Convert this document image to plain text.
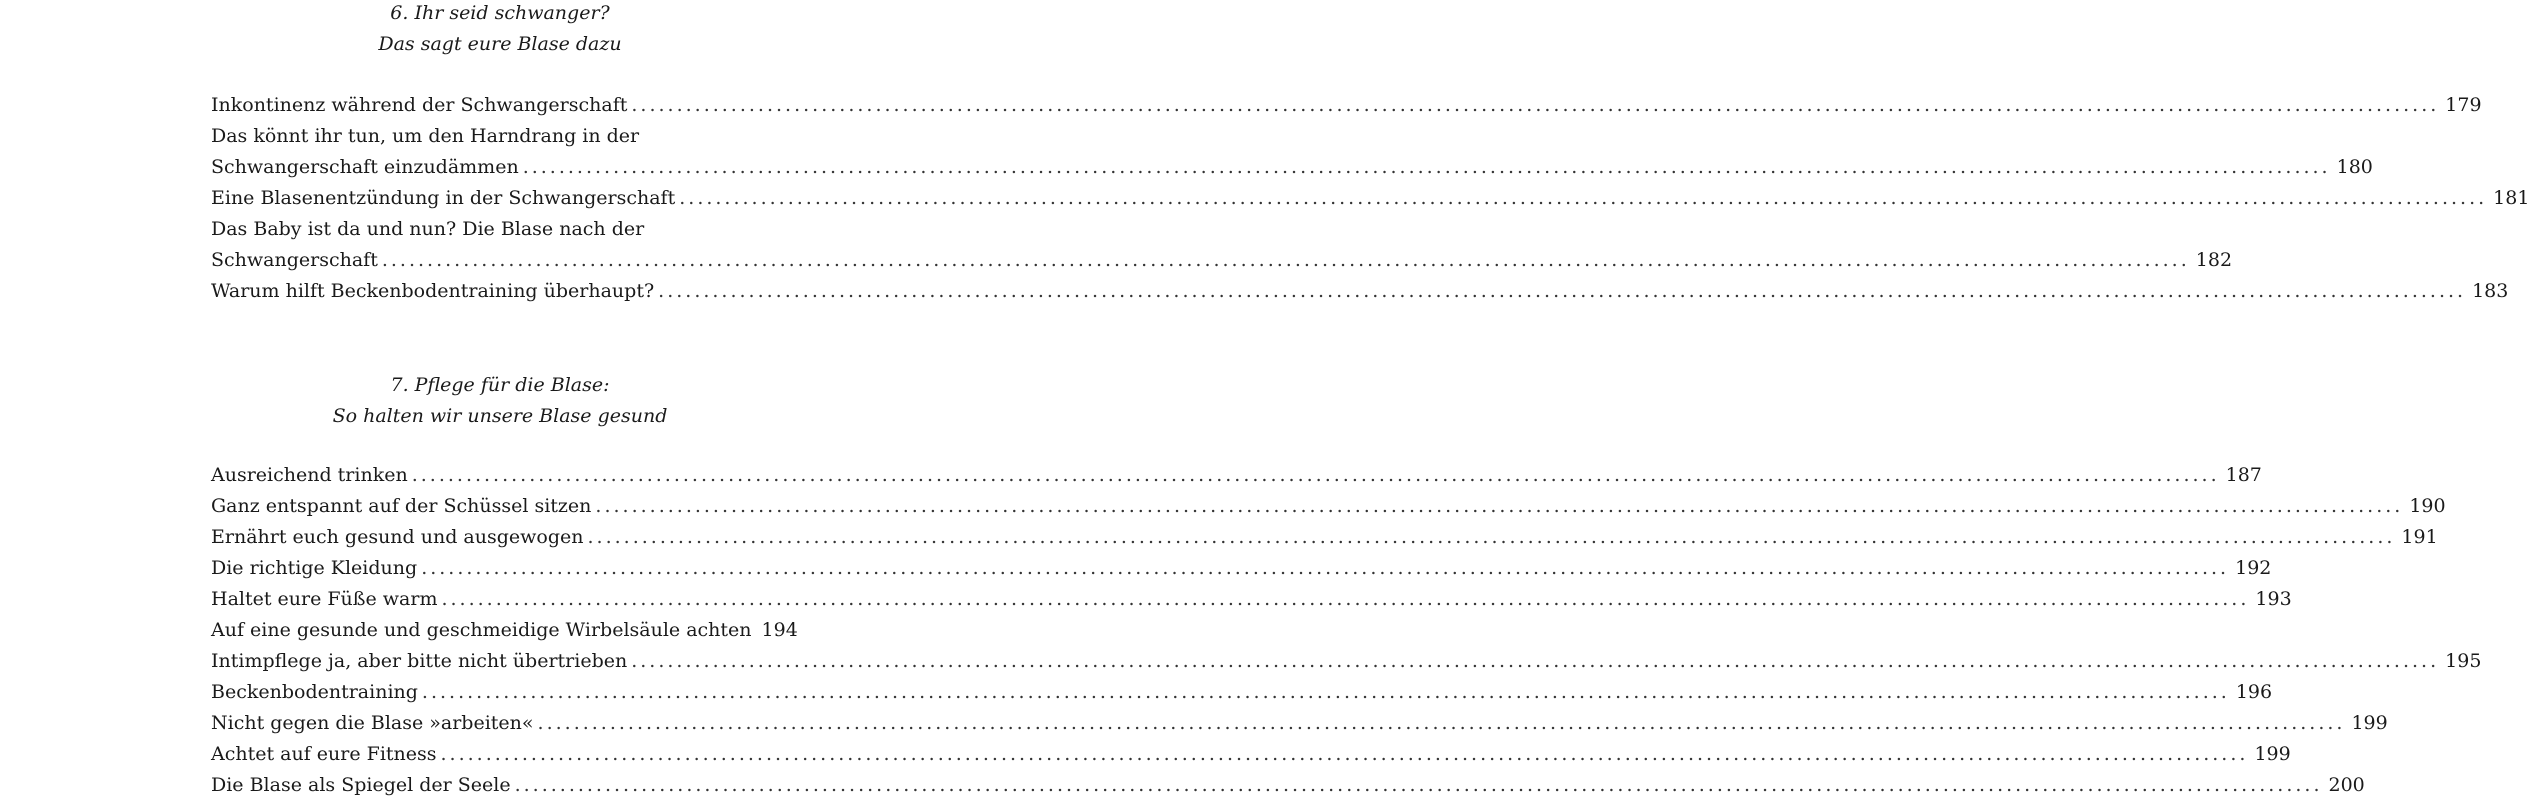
6. Ihr seid schwanger?
Das sagt eure Blase dazu
Inkontinenz während der Schwangerschaft ........................................................................................................................................................................................................ 179
Das könnt ihr tun, um den Harndrang in der
Schwangerschaft einzudämmen ........................................................................................................................................................................................................ 180
Eine Blasenentzündung in der Schwangerschaft ........................................................................................................................................................................................................ 181
Das Baby ist da und nun? Die Blase nach der
Schwangerschaft ........................................................................................................................................................................................................ 182
Warum hilft Beckenbodentraining überhaupt? ........................................................................................................................................................................................................ 183
7. Pflege für die Blase:
So halten wir unsere Blase gesund
Ausreichend trinken ........................................................................................................................................................................................................ 187
Ganz entspannt auf der Schüssel sitzen ........................................................................................................................................................................................................ 190
Ernährt euch gesund und ausgewogen ........................................................................................................................................................................................................ 191
Die richtige Kleidung ........................................................................................................................................................................................................ 192
Haltet eure Füße warm ........................................................................................................................................................................................................ 193
Auf eine gesunde und geschmeidige Wirbelsäule achten 194
Intimpflege ja, aber bitte nicht übertrieben ........................................................................................................................................................................................................ 195
Beckenbodentraining ........................................................................................................................................................................................................ 196
Nicht gegen die Blase »arbeiten« ........................................................................................................................................................................................................ 199
Achtet auf eure Fitness ........................................................................................................................................................................................................ 199
Die Blase als Spiegel der Seele ........................................................................................................................................................................................................ 200
